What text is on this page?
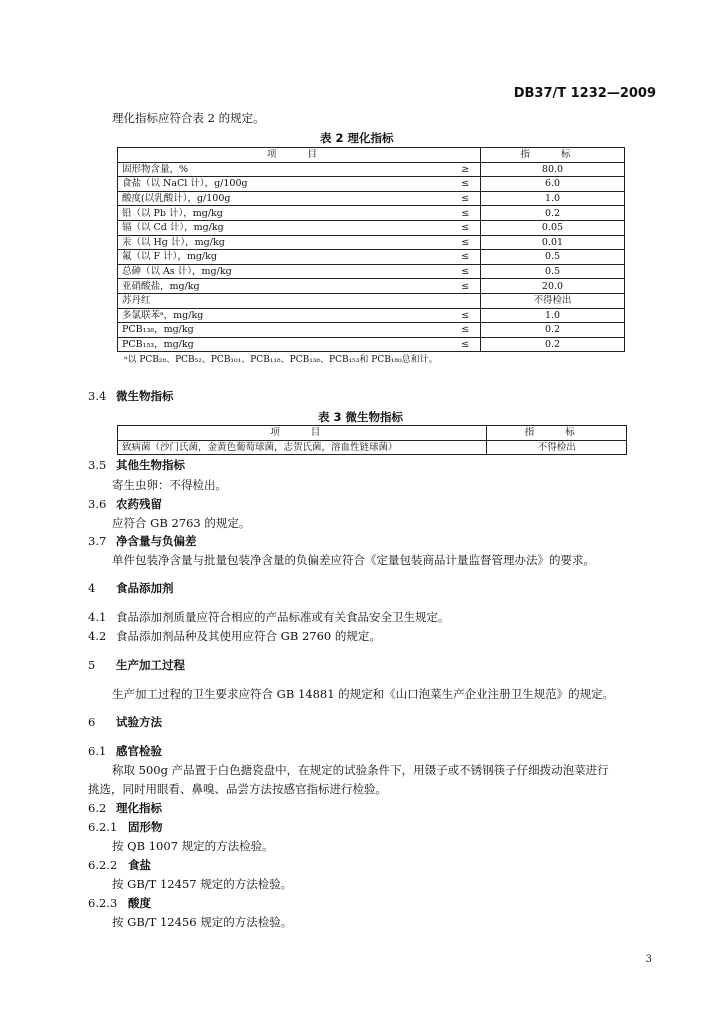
DB37/T 1232—2009
理化指标应符合表 2 的规定。
表 2 理化指标
项 目		指 标
固形物含量，%	≥	80.0
食盐（以 NaCl 计），g/100g	≤	6.0
酸度(以乳酸计），g/100g	≤	1.0
铅（以 Pb 计），mg/kg	≤	0.2
镉（以 Cd 计），mg/kg	≤	0.05
汞（以 Hg 计），mg/kg	≤	0.01
氟（以 F 计），mg/kg	≤	0.5
总砷（以 As 计），mg/kg	≤	0.5
亚硝酸盐，mg/kg	≤	20.0
苏丹红		不得检出
多氯联苯ᵃ，mg/kg	≤	1.0
PCB₁₃₈，mg/kg	≤	0.2
PCB₁₅₃，mg/kg	≤	0.2
ᵃ以 PCB₂₈、PCB₅₂、PCB₁₀₁、PCB₁₁₈、PCB₁₃₈、PCB₁₅₃和 PCB₁₈₀总和计。
3.4 微生物指标
表 3 微生物指标
项 目	指 标
致病菌（沙门氏菌，金黄色葡萄球菌，志贺氏菌，溶血性链球菌）	不得检出
3.5 其他生物指标
寄生虫卵：不得检出。
3.6 农药残留
应符合 GB 2763 的规定。
3.7 净含量与负偏差
单件包装净含量与批量包装净含量的负偏差应符合《定量包装商品计量监督管理办法》的要求。
4 食品添加剂
4.1 食品添加剂质量应符合相应的产品标准或有关食品安全卫生规定。
4.2 食品添加剂品种及其使用应符合 GB 2760 的规定。
5 生产加工过程
生产加工过程的卫生要求应符合 GB 14881 的规定和《山口泡菜生产企业注册卫生规范》的规定。
6 试验方法
6.1 感官检验
称取 500g 产品置于白色搪瓷盘中，在规定的试验条件下，用镊子或不锈钢筷子仔细拨动泡菜进行
挑选，同时用眼看、鼻嗅、品尝方法按感官指标进行检验。
6.2 理化指标
6.2.1 固形物
按 QB 1007 规定的方法检验。
6.2.2 食盐
按 GB/T 12457 规定的方法检验。
6.2.3 酸度
按 GB/T 12456 规定的方法检验。
3
